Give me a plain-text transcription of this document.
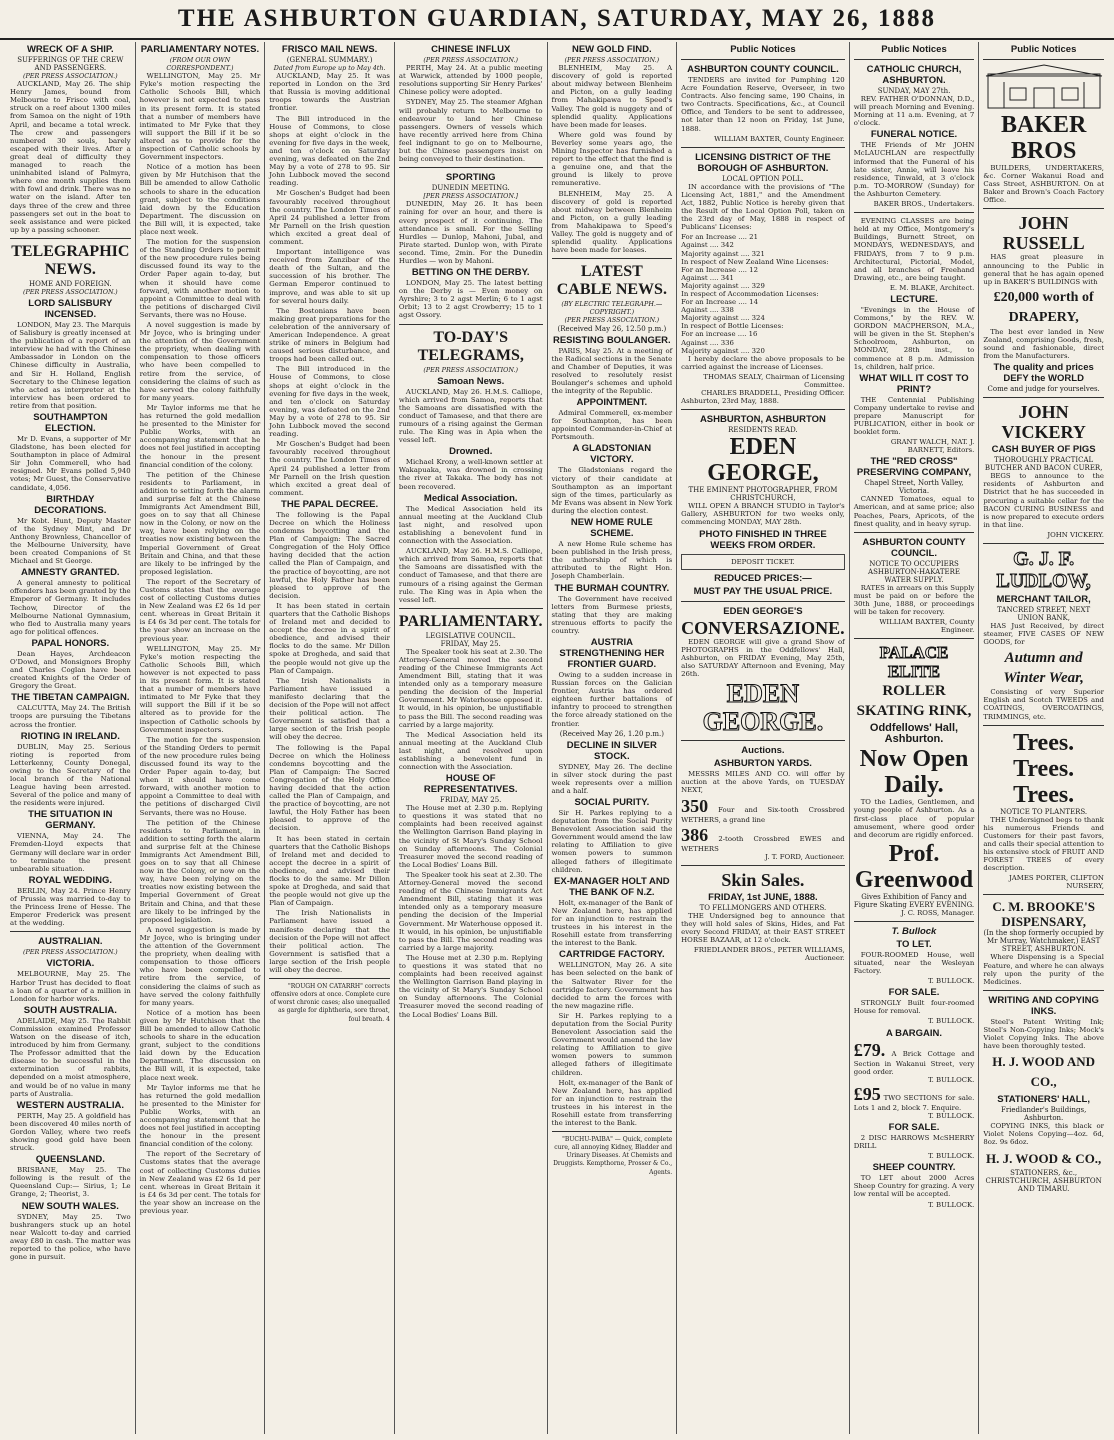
THE ASHBURTON GUARDIAN, SATURDAY, MAY 26, 1888
WRECK OF A SHIP.
SUFFERINGS OF THE CREW AND PASSENGERS.
(PER PRESS ASSOCIATION.)

AUCKLAND, May 26. The ship Henry James, bound from Melbourne to Frisco with coal, struck on a reef about 1300 miles from Samoa on the night of 19th April, and became a total wreck. The crew and passengers numbered 30 souls, barely escaped with their lives. After a great deal of difficulty they managed to reach the uninhabited island of Palmyra, where one month supplies them with fowl and drink. There was no water on the island. After ten days three of the crew and three passengers set out in the boat to seek assistance and were picked up by a passing schooner.

TELEGRAPHIC NEWS.
HOME AND FOREIGN.
(PER PRESS ASSOCIATION.)
LORD SALISBURY INCENSED.

LONDON, May 23. The Marquis of Salisbury is greatly incensed at the publication of a report of an interview he had with the Chinese Ambassador in London on the Chinese difficulty in Australia, and Sir H. Holland, English Secretary to the Chinese legation who acted as interpreter at the interview has been ordered to retire from that position.

SOUTHAMPTON ELECTION.

Mr D. Evans, a supporter of Mr Gladstone, has been elected for Southampton in place of Admiral Sir John Commerell, who had resigned. Mr Evans polled 5,940 votes; Mr Guest, the Conservative candidate, 4,056.

BIRTHDAY DECORATIONS.

Mr Kobt. Hunt, Deputy Master of the Sydney Mint, and Dr Anthony Brownless, Chancellor of the Melbourne University, have been created Companions of St Michael and St George.

AMNESTY GRANTED.

A general amnesty to political offenders has been granted by the Emperor of Germany. It includes Techow, Director of the Melbourne National Gymnasium, who fled to Australia many years ago for political offences.

PAPAL HONORS.

Dean Hayes, Archdeacon O'Dowd, and Monsignors Brophy and Charles Coglan have been created Knights of the Order of Gregory the Great.

THE TIBETAN CAMPAIGN.

CALCUTTA, May 24. The British troops are pursuing the Tibetans across the frontier.

RIOTING IN IRELAND.

DUBLIN, May 25. Serious rioting is reported from Letterkenny, County Donegal, owing to the Secretary of the local branch of the National League having been arrested. Several of the police and many of the residents were injured.

THE SITUATION IN GERMANY.

VIENNA, May 24. The Fremden-Lloyd expects that Germany will declare war in order to terminate the present unbearable situation.

ROYAL WEDDING.

BERLIN, May 24. Prince Henry of Prussia was married to-day to the Princess Irene of Hesse. The Emperor Frederick was present at the wedding.

AUSTRALIAN.
(PER PRESS ASSOCIATION.)
VICTORIA.

MELBOURNE, May 25. The Harbor Trust has decided to float a loan of a quarter of a million in London for harbor works.

SOUTH AUSTRALIA.

ADELAIDE, May 25. The Rabbit Commission examined Professor Watson on the disease of itch, introduced by him from Germany. The Professor admitted that the disease to be successful in the extermination of rabbits, depended on a moist atmosphere, and would be of no value in many parts of Australia.

WESTERN AUSTRALIA.

PERTH, May 25. A goldfield has been discovered 40 miles north of Gordon Valley, where two reefs showing good gold have been struck.

QUEENSLAND.

BRISBANE, May 25. The following is the result of the Queensland Cup:— Sirius, 1; Le Grange, 2; Theorist, 3.

NEW SOUTH WALES.

SYDNEY, May 25. Two bushrangers stuck up an hotel near Walcott to-day and carried away £80 in cash. The matter was reported to the police, who have gone in pursuit.

PARLIAMENTARY NOTES.
(FROM OUR OWN CORRESPONDENT.)

WELLINGTON, May 25. Mr Fyke's motion respecting the Catholic Schools Bill, which however is not expected to pass in its present form. It is stated that a number of members have intimated to Mr Fyke that they will support the Bill if it be so altered as to provide for the inspection of Catholic schools by Government inspectors.

Notice of a motion has been given by Mr Hutchison that the Bill be amended to allow Catholic schools to share in the education grant, subject to the conditions laid down by the Education Department. The discussion on the Bill will, it is expected, take place next week.

The motion for the suspension of the Standing Orders to permit of the new procedure rules being discussed found its way to the Order Paper again to-day, but when it should have come forward, with another motion to appoint a Committee to deal with the petitions of discharged Civil Servants, there was no House.

A novel suggestion is made by Mr Joyce, who is bringing under the attention of the Government the propriety, when dealing with compensation to those officers who have been compelled to retire from the service, of considering the claims of such as have served the colony faithfully for many years.

Mr Taylor informs me that he has returned the gold medallion he presented to the Minister for Public Works, with an accompanying statement that he does not feel justified in accepting the honour in the present financial condition of the colony.

The petition of the Chinese residents to Parliament, in addition to setting forth the alarm and surprise felt at the Chinese Immigrants Act Amendment Bill, goes on to say that all Chinese now in the Colony, or now on the way, have been relying on the treaties now existing between the Imperial Government of Great Britain and China, and that these are likely to be infringed by the proposed legislation.

The report of the Secretary of Customs states that the average cost of collecting Customs duties in New Zealand was £2 6s 1d per cent. whereas in Great Britain it is £4 6s 3d per cent. The totals for the year show an increase on the previous year.

WELLINGTON, May 25. Mr Fyke's motion respecting the Catholic Schools Bill, which however is not expected to pass in its present form. It is stated that a number of members have intimated to Mr Fyke that they will support the Bill if it be so altered as to provide for the inspection of Catholic schools by Government inspectors.

The motion for the suspension of the Standing Orders to permit of the new procedure rules being discussed found its way to the Order Paper again to-day, but when it should have come forward, with another motion to appoint a Committee to deal with the petitions of discharged Civil Servants, there was no House.

The petition of the Chinese residents to Parliament, in addition to setting forth the alarm and surprise felt at the Chinese Immigrants Act Amendment Bill, goes on to say that all Chinese now in the Colony, or now on the way, have been relying on the treaties now existing between the Imperial Government of Great Britain and China, and that these are likely to be infringed by the proposed legislation.

A novel suggestion is made by Mr Joyce, who is bringing under the attention of the Government the propriety, when dealing with compensation to those officers who have been compelled to retire from the service, of considering the claims of such as have served the colony faithfully for many years.

Notice of a motion has been given by Mr Hutchison that the Bill be amended to allow Catholic schools to share in the education grant, subject to the conditions laid down by the Education Department. The discussion on the Bill will, it is expected, take place next week.

Mr Taylor informs me that he has returned the gold medallion he presented to the Minister for Public Works, with an accompanying statement that he does not feel justified in accepting the honour in the present financial condition of the colony.

The report of the Secretary of Customs states that the average cost of collecting Customs duties in New Zealand was £2 6s 1d per cent. whereas in Great Britain it is £4 6s 3d per cent. The totals for the year show an increase on the previous year.

FRISCO MAIL NEWS.
(GENERAL SUMMARY.)
Dated from Europe up to May 4th.

AUCKLAND, May 25. It was reported in London on the 3rd that Russia is moving additional troops towards the Austrian frontier.

The Bill introduced in the House of Commons, to close shops at eight o'clock in the evening for five days in the week, and ten o'clock on Saturday evening, was defeated on the 2nd May by a vote of 278 to 95. Sir John Lubbock moved the second reading.

Mr Goschen's Budget had been favourably received throughout the country. The London Times of April 24 published a letter from Mr Parnell on the Irish question which excited a great deal of comment.

Important intelligence was received from Zanzibar of the death of the Sultan, and the succession of his brother. The German Emperor continued to improve, and was able to sit up for several hours daily.

The Bostonians have been making great preparations for the celebration of the anniversary of American Independence. A great strike of miners in Belgium had caused serious disturbance, and troops had been called out.

The Bill introduced in the House of Commons, to close shops at eight o'clock in the evening for five days in the week, and ten o'clock on Saturday evening, was defeated on the 2nd May by a vote of 278 to 95. Sir John Lubbock moved the second reading.

Mr Goschen's Budget had been favourably received throughout the country. The London Times of April 24 published a letter from Mr Parnell on the Irish question which excited a great deal of comment.

THE PAPAL DECREE.

The following is the Papal Decree on which the Holiness condemns boycotting and the Plan of Campaign: The Sacred Congregation of the Holy Office having decided that the action called the Plan of Campaign, and the practice of boycotting, are not lawful, the Holy Father has been pleased to approve of the decision.

It has been stated in certain quarters that the Catholic Bishops of Ireland met and decided to accept the decree in a spirit of obedience, and advised their flocks to do the same. Mr Dillon spoke at Drogheda, and said that the people would not give up the Plan of Campaign.

The Irish Nationalists in Parliament have issued a manifesto declaring that the decision of the Pope will not affect their political action. The Government is satisfied that a large section of the Irish people will obey the decree.

The following is the Papal Decree on which the Holiness condemns boycotting and the Plan of Campaign: The Sacred Congregation of the Holy Office having decided that the action called the Plan of Campaign, and the practice of boycotting, are not lawful, the Holy Father has been pleased to approve of the decision.

It has been stated in certain quarters that the Catholic Bishops of Ireland met and decided to accept the decree in a spirit of obedience, and advised their flocks to do the same. Mr Dillon spoke at Drogheda, and said that the people would not give up the Plan of Campaign.

The Irish Nationalists in Parliament have issued a manifesto declaring that the decision of the Pope will not affect their political action. The Government is satisfied that a large section of the Irish people will obey the decree.

"ROUGH ON CATARRH" corrects offensive odors at once. Complete cure of worst chronic cases; also unequalled as gargle for diphtheria, sore throat, foul breath. 4
CHINESE INFLUX
(PER PRESS ASSOCIATION.)

PERTH, May 24. At a public meeting at Warwick, attended by 1000 people, resolutions supporting Sir Henry Parkes' Chinese policy were adopted.

SYDNEY, May 25. The steamer Afghan will probably return to Melbourne to endeavour to land her Chinese passengers. Owners of vessels which have recently arrived here from China feel indignant to go on to Melbourne, but the Chinese passengers insist on being conveyed to their destination.

SPORTING
DUNEDIN MEETING.
[PER PRESS ASSOCIATION.]

DUNEDIN, May 26. It has been raining for over an hour, and there is every prospect of it continuing. The attendance is small. For the Selling Hurdles — Dunlop, Mahoni, Jubal, and Pirate started. Dunlop won, with Pirate second. Time, 2min. For the Dunedin Hurdles — won by Mahoni.

BETTING ON THE DERBY.

LONDON, May 25. The latest betting on the Derby is — Even money on Ayrshire; 3 to 2 agst Merlin; 6 to 1 agst Orbit; 13 to 2 agst Crowberry; 15 to 1 agst Ossory.

TO-DAY'S TELEGRAMS,
(PER PRESS ASSOCIATION.)
Samoan News.

AUCKLAND, May 26. H.M.S. Calliope, which arrived from Samoa, reports that the Samoans are dissatisfied with the conduct of Tamasese, and that there are rumours of a rising against the German rule. The King was in Apia when the vessel left.

Drowned.

Michael Krony, a well-known settler at Wakapuaka, was drowned in crossing the river at Takaka. The body has not been recovered.

Medical Association.

The Medical Association held its annual meeting at the Auckland Club last night, and resolved upon establishing a benevolent fund in connection with the Association.

AUCKLAND, May 26. H.M.S. Calliope, which arrived from Samoa, reports that the Samoans are dissatisfied with the conduct of Tamasese, and that there are rumours of a rising against the German rule. The King was in Apia when the vessel left.

PARLIAMENTARY.
LEGISLATIVE COUNCIL.
FRIDAY, May 25.

The Speaker took his seat at 2.30. The Attorney-General moved the second reading of the Chinese Immigrants Act Amendment Bill, stating that it was intended only as a temporary measure pending the decision of the Imperial Government. Mr Waterhouse opposed it. It would, in his opinion, be unjustifiable to pass the Bill. The second reading was carried by a large majority.

The Medical Association held its annual meeting at the Auckland Club last night, and resolved upon establishing a benevolent fund in connection with the Association.

HOUSE OF REPRESENTATIVES.
FRIDAY, MAY 25.

The House met at 2.30 p.m. Replying to questions it was stated that no complaints had been received against the Wellington Garrison Band playing in the vicinity of St Mary's Sunday School on Sunday afternoons. The Colonial Treasurer moved the second reading of the Local Bodies' Loans Bill.

The Speaker took his seat at 2.30. The Attorney-General moved the second reading of the Chinese Immigrants Act Amendment Bill, stating that it was intended only as a temporary measure pending the decision of the Imperial Government. Mr Waterhouse opposed it. It would, in his opinion, be unjustifiable to pass the Bill. The second reading was carried by a large majority.

The House met at 2.30 p.m. Replying to questions it was stated that no complaints had been received against the Wellington Garrison Band playing in the vicinity of St Mary's Sunday School on Sunday afternoons. The Colonial Treasurer moved the second reading of the Local Bodies' Loans Bill.

NEW GOLD FIND.
(PER PRESS ASSOCIATION.)

BLENHEIM, May 25. A discovery of gold is reported about midway between Blenheim and Picton, on a gully leading from Mahakipawa to Speed's Valley. The gold is nuggety and of splendid quality. Applications have been made for leases.

Where gold was found by Beverley some years ago, the Mining Inspector has furnished a report to the effect that the find is a genuine one, and that the ground is likely to prove remunerative.

BLENHEIM, May 25. A discovery of gold is reported about midway between Blenheim and Picton, on a gully leading from Mahakipawa to Speed's Valley. The gold is nuggety and of splendid quality. Applications have been made for leases.

LATEST CABLE NEWS.
(BY ELECTRIC TELEGRAPH.—COPYRIGHT.)
(PER PRESS ASSOCIATION.)
(Received May 26, 12.50 p.m.)
RESISTING BOULANGER.

PARIS, May 25. At a meeting of the Radical sections in the Senate and Chamber of Deputies, it was resolved to resolutely resist Boulanger's schemes and uphold the integrity of the Republic.

APPOINTMENT.

Admiral Commerell, ex-member for Southampton, has been appointed Commander-in-Chief at Portsmouth.

A GLADSTONIAN VICTORY.

The Gladstonians regard the victory of their candidate at Southampton as an important sign of the times, particularly as Mr Evans was absent in New York during the election contest.

NEW HOME RULE SCHEME.

A new Home Rule scheme has been published in the Irish press, the authorship of which is attributed to the Right Hon. Joseph Chamberlain.

THE BURMAH COUNTRY.

The Government have received letters from Burmese priests, stating that they are making strenuous efforts to pacify the country.

AUSTRIA STRENGTHENING HER FRONTIER GUARD.

Owing to a sudden increase in Russian forces on the Galician frontier, Austria has ordered eighteen further battalions of infantry to proceed to strengthen the force already stationed on the frontier.

(Received May 26, 1.20 p.m.)
DECLINE IN SILVER STOCK.

SYDNEY, May 26. The decline in silver stock during the past week represents over a million and a half.

SOCIAL PURITY.

Sir H. Parkes replying to a deputation from the Social Purity Benevolent Association said the Government would amend the law relating to Affiliation to give women powers to summon alleged fathers of illegitimate children.

EX-MANAGER HOLT AND THE BANK OF N.Z.

Holt, ex-manager of the Bank of New Zealand here, has applied for an injunction to restrain the trustees in his interest in the Rosehill estate from transferring the interest to the Bank.

CARTRIDGE FACTORY.

WELLINGTON, May 26. A site has been selected on the bank of the Saltwater River for the cartridge factory. Government has decided to arm the forces with the new magazine rifle.

Sir H. Parkes replying to a deputation from the Social Purity Benevolent Association said the Government would amend the law relating to Affiliation to give women powers to summon alleged fathers of illegitimate children.

Holt, ex-manager of the Bank of New Zealand here, has applied for an injunction to restrain the trustees in his interest in the Rosehill estate from transferring the interest to the Bank.

"BUCHU-PAIBA" — Quick, complete cure, all annoying Kidney, Bladder and Urinary Diseases. At Chemists and Druggists. Kempthorne, Prosser & Co., Agents.
Public Notices
ASHBURTON COUNTY COUNCIL.

TENDERS are invited for Pumphing 120 Acre Foundation Reserve, Overseer, in two Contracts. Also fencing same, 190 Chains, in two Contracts. Specifications, &c., at Council Office, and Tenders to be sent to addressee, not later than 12 noon on Friday, 1st June, 1888.

WILLIAM BAXTER, County Engineer.
LICENSING DISTRICT OF THE BOROUGH OF ASHBURTON.
LOCAL OPTION POLL.

IN accordance with the provisions of "The Licensing Act, 1881," and the Amendment Act, 1882, Public Notice is hereby given that the Result of the Local Option Poll, taken on the 23rd day of May, 1888 in respect of Publicans' Licenses:

For an Increase .... 21
Against .... 342
Majority against .... 321
In respect of New Zealand Wine Licenses:
For an Increase .... 12
Against .... 341
Majority against .... 329
In respect of Accommodation Licenses:
For an Increase .... 14
Against .... 338
Majority against .... 324
In respect of Bottle Licenses:
For an increase .... 16
Against .... 336
Majority against .... 320

I hereby declare the above proposals to be carried against the increase of Licenses.

THOMAS SEALY, Chairman of Licensing Committee.
CHARLES BRADDELL, Presiding Officer.
Ashburton, 23rd May, 1888.
ASHBURTON, ASHBURTON
RESIDENTS READ.
EDEN GEORGE,
THE EMINENT PHOTOGRAPHER, FROM CHRISTCHURCH,

WILL OPEN A BRANCH STUDIO in Taylor's Gallery, ASHBURTON for two weeks only, commencing MONDAY, MAY 28th.

PHOTO FINISHED IN THREE WEEKS FROM ORDER.
DEPOSIT TICKET.
REDUCED PRICES:—
MUST PAY THE USUAL PRICE.
EDEN GEORGE'S
CONVERSAZIONE.

EDEN GEORGE will give a grand Show of PHOTOGRAPHS in the Oddfellows' Hall, Ashburton, on FRIDAY Evening, May 25th, also SATURDAY Afternoon and Evening, May 26th.

EDEN GEORGE.
Auctions.
ASHBURTON YARDS.

MESSRS MILES AND CO. will offer by auction at the above Yards, on TUESDAY NEXT,

350 Four and Six-tooth Crossbred WETHERS, a grand line
386 2-tooth Crossbred EWES and WETHERS
J. T. FORD, Auctioneer.
Skin Sales.
FRIDAY, 1st JUNE, 1888.
TO FELLMONGERS AND OTHERS.

THE Undersigned beg to announce that they will hold sales of Skins, Hides, and Fat every Second FRIDAY, at their EAST STREET HORSE BAZAAR, at 12 o'clock.

FRIEDLANDER BROS., PETER WILLIAMS, Auctioneer.
Public Notices
CATHOLIC CHURCH, ASHBURTON.
SUNDAY, MAY 27th.

REV. FATHER O'DONNAN, D.D., will preach Morning and Evening. Morning at 11 a.m. Evening, at 7 o'clock.

FUNERAL NOTICE.

THE Friends of Mr JOHN McLAUCHLAN are respectfully informed that the Funeral of his late sister, Annie, will leave his residence, Tinwald, at 3 o'clock p.m. TO-MORROW (Sunday) for the Ashburton Cemetery.

BAKER BROS., Undertakers.

EVENING CLASSES are being held at my Office, Montgomery's Buildings, Burnett Street, on MONDAYS, WEDNESDAYS, and FRIDAYS, from 7 to 9 p.m. Architectural, Pictorial, Model, and all branches of Freehand Drawing, etc., are being taught.

E. M. BLAKE, Architect.
LECTURE.

"Evenings in the House of Commons," by the REV. W. GORDON MACPHERSON, M.A., will be given in the St. Stephen's Schoolroom, Ashburton, on MONDAY, 28th inst., to commence at 8 p.m. Admission 1s, children, half price.

WHAT WILL IT COST TO PRINT?

THE Centennial Publishing Company undertake to revise and prepare Manuscript for PUBLICATION, either in book or booklet form.

GRANT WALCH, NAT. J. BARNETT, Editors.
THE "RED CROSS" PRESERVING COMPANY,
Chapel Street, North Valley, Victoria.

CANNED Tomatoes, equal to American, and at same price; also Peaches, Pears, Apricots, of the finest quality, and in heavy syrup.

ASHBURTON COUNTY COUNCIL.
NOTICE TO OCCUPIERS ASHBURTON-HAKATERE WATER SUPPLY.

RATES in arrears on this Supply must be paid on or before the 30th June, 1888, or proceedings will be taken for recovery.

WILLIAM BAXTER, County Engineer.
PALACE ELITE
ROLLER SKATING RINK,
Oddfellows' Hall, Ashburton.
Now Open Daily.

TO the Ladies, Gentlemen, and young people of Ashburton. As a first-class place of popular amusement, where good order and decorum are rigidly enforced.

Prof. Greenwood
Gives Exhibition of Fancy and Figure Skating EVERY EVENING.
J. C. ROSS, Manager.
T. Bullock
TO LET.

FOUR-ROOMED House, well situated, near the Wesleyan Factory.

T. BULLOCK.
FOR SALE.

STRONGLY Built four-roomed House for removal.

T. BULLOCK.
A BARGAIN.
£79. A Brick Cottage and Section in Wakanui Street, very good order.
T. BULLOCK.
£95 TWO SECTIONS for sale. Lots 1 and 2, block 7. Enquire.
T. BULLOCK.
FOR SALE.

2 DISC HARROWS McSHERRY DRILL

T. BULLOCK.
SHEEP COUNTRY.

TO LET about 2000 Acres Sheep Country for grazing. A very low rental will be accepted.

T. BULLOCK.
Public Notices
BAKER BROS

BUILDERS, UNDERTAKERS, &c. Corner Wakanui Road and Cass Street, ASHBURTON. On at Baker and Brown's Coach Factory Office.

JOHN RUSSELL

HAS great pleasure in announcing to the Public in general that he has again opened up in BAKER'S BUILDINGS with

£20,000 worth of DRAPERY,

The best ever landed in New Zealand, comprising Goods, fresh, sound and fashionable, direct from the Manufacturers.

The quality and prices DEFY the WORLD
Come and judge for yourselves.
JOHN VICKERY
CASH BUYER OF PIGS
THOROUGHLY PRACTICAL BUTCHER AND BACON CURER,

BEGS to announce to the residents of Ashburton and District that he has succeeded in procuring a suitable cellar for the BACON CURING BUSINESS and is now prepared to execute orders in that line.

JOHN VICKERY.
G. J. F. LUDLOW,
MERCHANT TAILOR,
TANCRED STREET, NEXT UNION BANK,

HAS Just Received, by direct steamer, FIVE CASES OF NEW GOODS, for

Autumn and Winter Wear,

Consisting of very Superior English and Scotch TWEEDS and COATINGS, OVERCOATINGS, TRIMMINGS, etc.

Trees. Trees. Trees.
NOTICE TO PLANTERS.

THE Undersigned begs to thank his numerous Friends and Customers for their past favors, and calls their special attention to his extensive stock of FRUIT AND FOREST TREES of every description.

JAMES PORTER, CLIFTON NURSERY,
C. M. BROOKE'S DISPENSARY,
(In the shop formerly occupied by Mr Murray, Watchmaker,) EAST STREET, ASHBURTON.

Where Dispensing is a Special Feature, and where he can always rely upon the purity of the Medicines.

WRITING AND COPYING INKS.

Steel's Patent Writing Ink; Steel's Non-Copying Inks; Mock's Violet Copying Inks. The above have been thoroughly tested.

H. J. WOOD AND CO.,
STATIONERS' HALL,
Friedlander's Buildings, Ashburton.

COPYING INKS, this black or Violet Nolens Copying—4oz. 6d, 8oz. 9s 6doz.

H. J. WOOD & CO.,
STATIONERS, &c., CHRISTCHURCH, ASHBURTON AND TIMARU.
